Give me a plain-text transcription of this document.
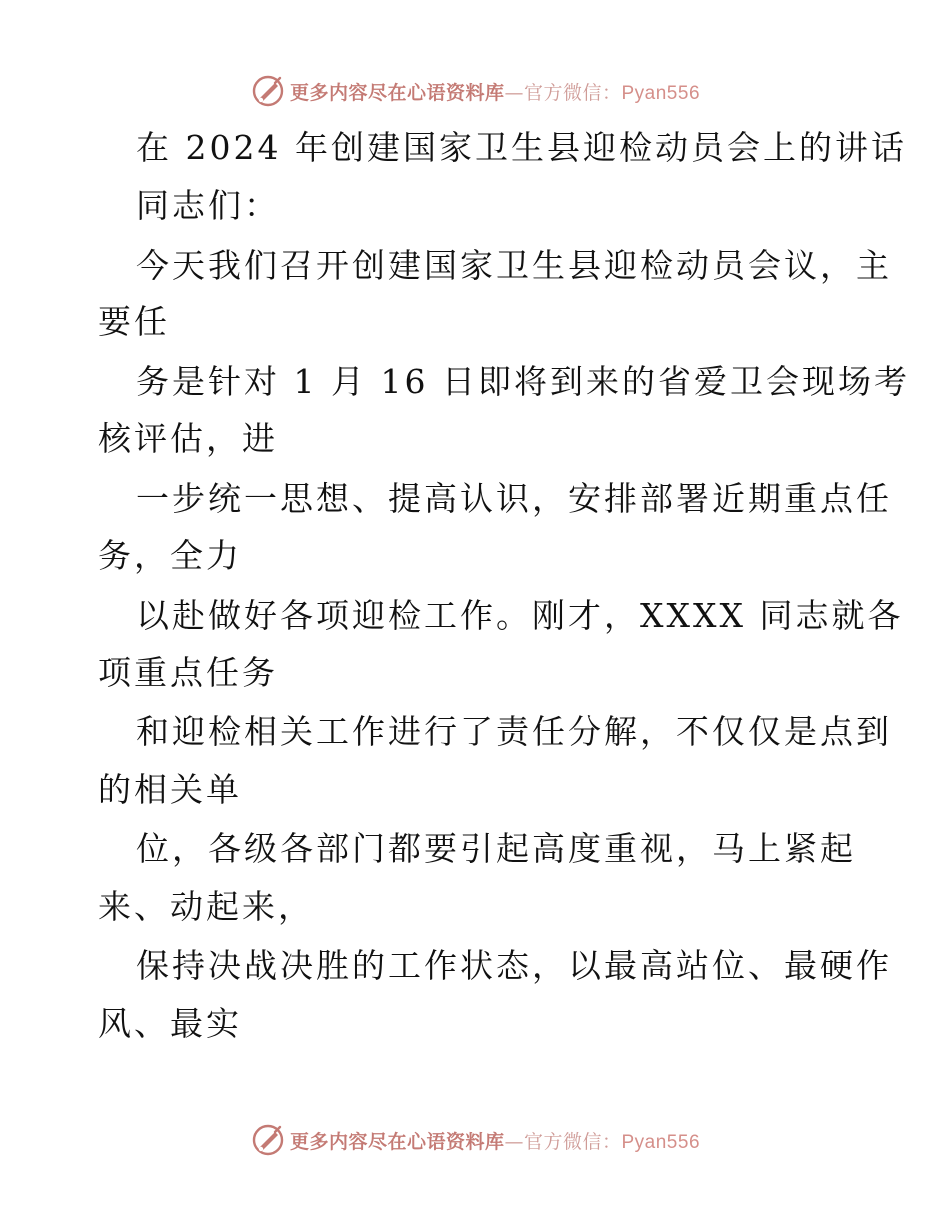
更多内容尽在心语资料库—官方微信：Pyan556
在 2024 年创建国家卫生县迎检动员会上的讲话
同志们：
今天我们召开创建国家卫生县迎检动员会议，主
要任
务是针对 1 月 16 日即将到来的省爱卫会现场考
核评估，进
一步统一思想、提高认识，安排部署近期重点任
务，全力
以赴做好各项迎检工作。刚才，XXXX 同志就各
项重点任务
和迎检相关工作进行了责任分解，不仅仅是点到
的相关单
位，各级各部门都要引起高度重视，马上紧起
来、动起来，
保持决战决胜的工作状态，以最高站位、最硬作
风、最实
更多内容尽在心语资料库—官方微信：Pyan556
